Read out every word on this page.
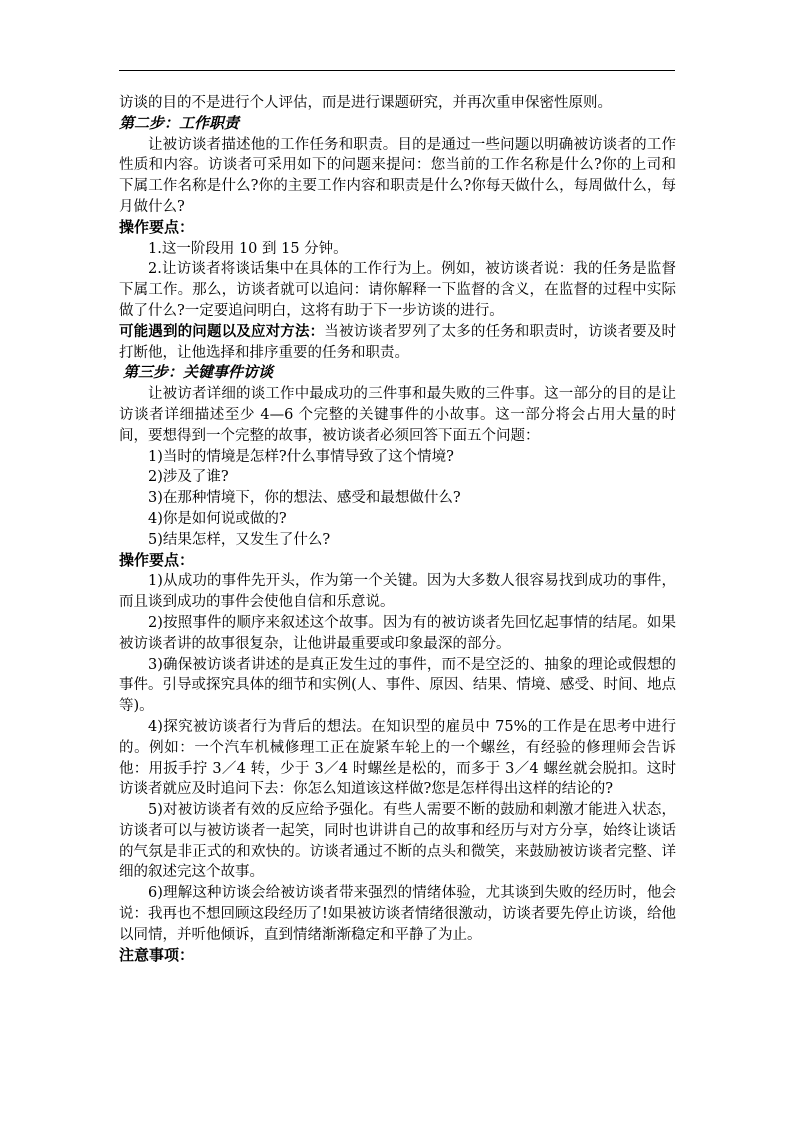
访谈的目的不是进行个人评估，而是进行课题研究，并再次重申保密性原则。

第二步：工作职责

让被访谈者描述他的工作任务和职责。目的是通过一些问题以明确被访谈者的工作性质和内容。访谈者可采用如下的问题来提问：您当前的工作名称是什么?你的上司和下属工作名称是什么?你的主要工作内容和职责是什么?你每天做什么，每周做什么，每月做什么?

操作要点：

1.这一阶段用 10 到 15 分钟。

2.让访谈者将谈话集中在具体的工作行为上。例如，被访谈者说：我的任务是监督下属工作。那么，访谈者就可以追问：请你解释一下监督的含义，在监督的过程中实际做了什么?一定要追问明白，这将有助于下一步访谈的进行。

可能遇到的问题以及应对方法：当被访谈者罗列了太多的任务和职责时，访谈者要及时打断他，让他选择和排序重要的任务和职责。

第三步：关键事件访谈

让被访者详细的谈工作中最成功的三件事和最失败的三件事。这一部分的目的是让访谈者详细描述至少 4—6 个完整的关键事件的小故事。这一部分将会占用大量的时间，要想得到一个完整的故事，被访谈者必须回答下面五个问题：

1)当时的情境是怎样?什么事情导致了这个情境?

2)涉及了谁?

3)在那种情境下，你的想法、感受和最想做什么?

4)你是如何说或做的?

5)结果怎样，又发生了什么?

操作要点：

1)从成功的事件先开头，作为第一个关键。因为大多数人很容易找到成功的事件，而且谈到成功的事件会使他自信和乐意说。

2)按照事件的顺序来叙述这个故事。因为有的被访谈者先回忆起事情的结尾。如果被访谈者讲的故事很复杂，让他讲最重要或印象最深的部分。

3)确保被访谈者讲述的是真正发生过的事件，而不是空泛的、抽象的理论或假想的事件。引导或探究具体的细节和实例(人、事件、原因、结果、情境、感受、时间、地点等)。

4)探究被访谈者行为背后的想法。在知识型的雇员中 75%的工作是在思考中进行的。例如：一个汽车机械修理工正在旋紧车轮上的一个螺丝，有经验的修理师会告诉他：用扳手拧 3／4 转，少于 3／4 时螺丝是松的，而多于 3／4 螺丝就会脱扣。这时访谈者就应及时追问下去：你怎么知道该这样做?您是怎样得出这样的结论的?

5)对被访谈者有效的反应给予强化。有些人需要不断的鼓励和刺激才能进入状态，访谈者可以与被访谈者一起笑，同时也讲讲自己的故事和经历与对方分享，始终让谈话的气氛是非正式的和欢快的。访谈者通过不断的点头和微笑，来鼓励被访谈者完整、详细的叙述完这个故事。

6)理解这种访谈会给被访谈者带来强烈的情绪体验，尤其谈到失败的经历时，他会说：我再也不想回顾这段经历了!如果被访谈者情绪很激动，访谈者要先停止访谈，给他以同情，并听他倾诉，直到情绪渐渐稳定和平静了为止。

注意事项：
